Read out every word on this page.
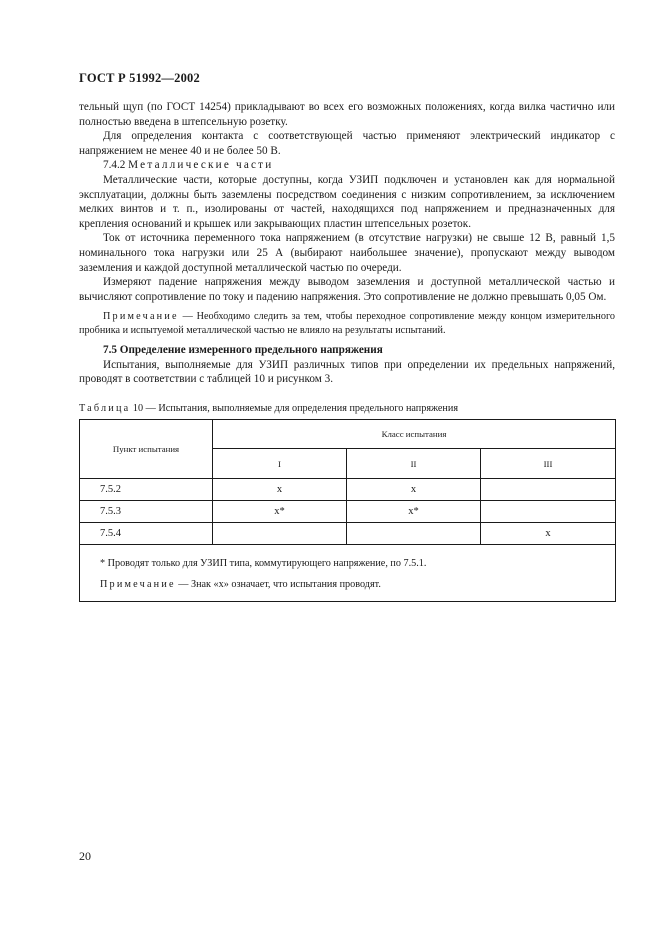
ГОСТ Р 51992—2002

тельный щуп (по ГОСТ 14254) прикладывают во всех его возможных положениях, когда вилка частично или полностью введена в штепсельную розетку.

Для определения контакта с соответствующей частью применяют электрический индикатор с напряжением не менее 40 и не более 50 В.

7.4.2 Металлические части

Металлические части, которые доступны, когда УЗИП подключен и установлен как для нормальной эксплуатации, должны быть заземлены посредством соединения с низким сопротивлением, за исключением мелких винтов и т. п., изолированы от частей, находящихся под напряжением и предназначенных для крепления оснований и крышек или закрывающих пластин штепсельных розеток.

Ток от источника переменного тока напряжением (в отсутствие нагрузки) не свыше 12 В, равный 1,5 номинального тока нагрузки или 25 А (выбирают наибольшее значение), пропускают между выводом заземления и каждой доступной металлической частью по очереди.

Измеряют падение напряжения между выводом заземления и доступной металлической частью и вычисляют сопротивление по току и падению напряжения. Это сопротивление не должно превышать 0,05 Ом.

Примечание — Необходимо следить за тем, чтобы переходное сопротивление между концом измерительного пробника и испытуемой металлической частью не влияло на результаты испытаний.

7.5 Определение измеренного предельного напряжения

Испытания, выполняемые для УЗИП различных типов при определении их предельных напряжений, проводят в соответствии с таблицей 10 и рисунком 3.

Таблица 10 — Испытания, выполняемые для определения предельного напряжения
Пункт испытания	Класс испытания		
	I	II	III
7.5.2	x	x	
7.5.3	x*	x*	
7.5.4			x

* Проводят только для УЗИП типа, коммутирующего напряжение, по 7.5.1.
Примечание — Знак «x» означает, что испытания проводят.			
20
